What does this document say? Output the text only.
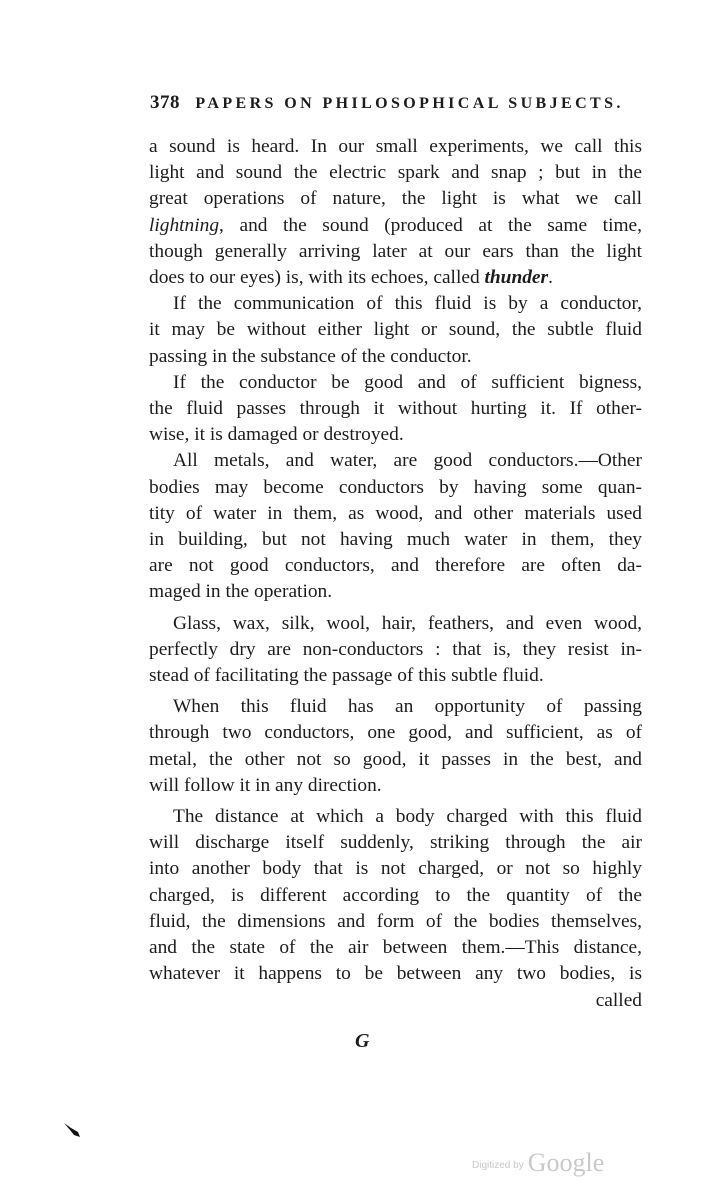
378 PAPERS ON PHILOSOPHICAL SUBJECTS.

a sound is heard. In our small experiments, we call this

light and sound the electric spark and snap ; but in the

great operations of nature, the light is what we call

lightning, and the sound (produced at the same time,

though generally arriving later at our ears than the light

does to our eyes) is, with its echoes, called thunder.

If the communication of this fluid is by a conductor,

it may be without either light or sound, the subtle fluid

passing in the substance of the conductor.

If the conductor be good and of sufficient bigness,

the fluid passes through it without hurting it. If other-

wise, it is damaged or destroyed.

All metals, and water, are good conductors.—Other

bodies may become conductors by having some quan-

tity of water in them, as wood, and other materials used

in building, but not having much water in them, they

are not good conductors, and therefore are often da-

maged in the operation.

Glass, wax, silk, wool, hair, feathers, and even wood,

perfectly dry are non-conductors : that is, they resist in-

stead of facilitating the passage of this subtle fluid.

When this fluid has an opportunity of passing

through two conductors, one good, and sufficient, as of

metal, the other not so good, it passes in the best, and

will follow it in any direction.

The distance at which a body charged with this fluid

will discharge itself suddenly, striking through the air

into another body that is not charged, or not so highly

charged, is different according to the quantity of the

fluid, the dimensions and form of the bodies themselves,

and the state of the air between them.—This distance,

whatever it happens to be between any two bodies, is

called

G
Digitized by Google
